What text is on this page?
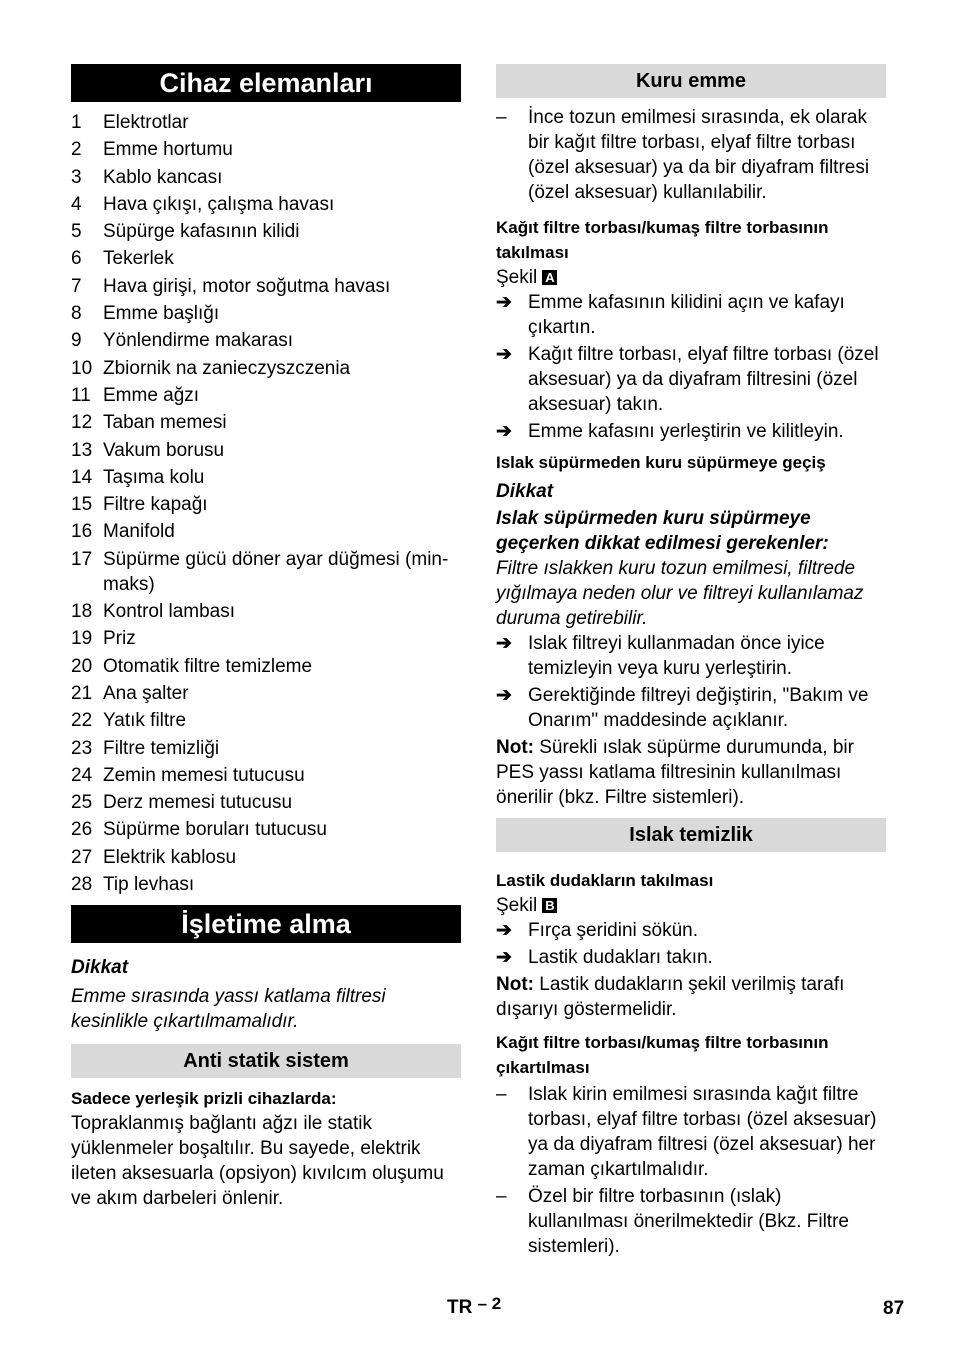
Cihaz elemanları
1	Elektrotlar
2	Emme hortumu
3	Kablo kancası
4	Hava çıkışı, çalışma havası
5	Süpürge kafasının kilidi
6	Tekerlek
7	Hava girişi, motor soğutma havası
8	Emme başlığı
9	Yönlendirme makarası
10 Zbiornik na zanieczyszczenia
11 Emme ağzı
12 Taban memesi
13 Vakum borusu
14 Taşıma kolu
15 Filtre kapağı
16 Manifold
17 Süpürme gücü döner ayar düğmesi (min-maks)
18 Kontrol lambası
19 Priz
20 Otomatik filtre temizleme
21 Ana şalter
22 Yatık filtre
23 Filtre temizliği
24 Zemin memesi tutucusu
25 Derz memesi tutucusu
26 Süpürme boruları tutucusu
27 Elektrik kablosu
28 Tip levhası
İşletime alma

Dikkat

Emme sırasında yassı katlama filtresi kesinlikle çıkartılmamalıdır.

Anti statik sistem

Sadece yerleşik prizli cihazlarda:

Topraklanmış bağlantı ağzı ile statik yüklenmeler boşaltılır. Bu sayede, elektrik ileten aksesuarla (opsiyon) kıvılcım oluşumu ve akım darbeleri önlenir.

Kuru emme
–	İnce tozun emilmesi sırasında, ek olarak bir kağıt filtre torbası, elyaf filtre torbası (özel aksesuar) ya da bir diyafram filtresi (özel aksesuar) kullanılabilir.

Kağıt filtre torbası/kumaş filtre torbasının takılması

Şekil A

➔ Emme kafasının kilidini açın ve kafayı çıkartın.
➔ Kağıt filtre torbası, elyaf filtre torbası (özel aksesuar) ya da diyafram filtresini (özel aksesuar) takın.
➔ Emme kafasını yerleştirin ve kilitleyin.

Islak süpürmeden kuru süpürmeye geçiş

Dikkat

Islak süpürmeden kuru süpürmeye geçerken dikkat edilmesi gerekenler:

Filtre ıslakken kuru tozun emilmesi, filtrede yığılmaya neden olur ve filtreyi kullanılamaz duruma getirebilir.

➔ Islak filtreyi kullanmadan önce iyice temizleyin veya kuru yerleştirin.
➔ Gerektiğinde filtreyi değiştirin, "Bakım ve Onarım" maddesinde açıklanır.

Not: Sürekli ıslak süpürme durumunda, bir PES yassı katlama filtresinin kullanılması önerilir (bkz. Filtre sistemleri).

Islak temizlik

Lastik dudakların takılması

Şekil B

➔ Fırça şeridini sökün.
➔ Lastik dudakları takın.

Not: Lastik dudakların şekil verilmiş tarafı dışarıyı göstermelidir.

Kağıt filtre torbası/kumaş filtre torbasının çıkartılması

–	Islak kirin emilmesi sırasında kağıt filtre torbası, elyaf filtre torbası (özel aksesuar) ya da diyafram filtresi (özel aksesuar) her zaman çıkartılmalıdır.
–	Özel bir filtre torbasının (ıslak) kullanılması önerilmektedir (Bkz. Filtre sistemleri).
TR – 2	87
